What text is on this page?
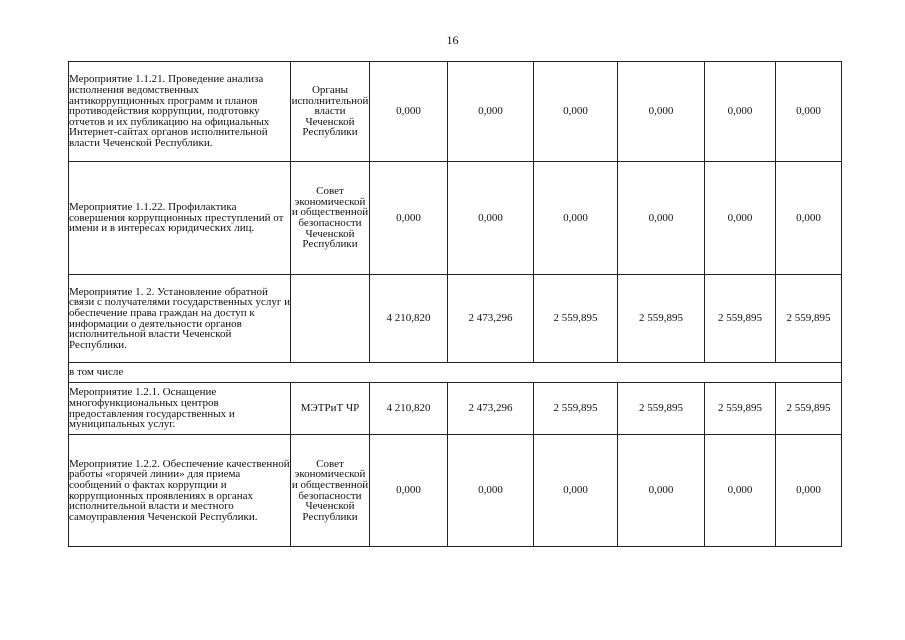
16
Мероприятие 1.1.21. Проведение анализа исполнения ведомственных антикоррупционных программ и планов противодействия коррупции, подготовку отчетов и их публикацию на официальных Интернет-сайтах органов исполнительной власти Чеченской Республики.	Органы исполнительной власти Чеченской Республики	0,000	0,000	0,000	0,000	0,000	0,000
Мероприятие 1.1.22. Профилактика совершения коррупционных преступлений от имени и в интересах юридических лиц.	Совет экономической и общественной безопасности Чеченской Республики	0,000	0,000	0,000	0,000	0,000	0,000
Мероприятие 1. 2. Установление обратной связи с получателями государственных услуг и обеспечение права граждан на доступ к информации о деятельности органов исполнительной власти Чеченской Республики.		4 210,820	2 473,296	2 559,895	2 559,895	2 559,895	2 559,895
в том числе							
Мероприятие 1.2.1. Оснащение многофункциональных центров предоставления государственных и муниципальных услуг.	МЭТРиТ ЧР	4 210,820	2 473,296	2 559,895	2 559,895	2 559,895	2 559,895
Мероприятие 1.2.2. Обеспечение качественной работы «горячей линии» для приема сообщений о фактах коррупции и коррупционных проявлениях в органах исполнительной власти и местного самоуправления Чеченской Республики.	Совет экономической и общественной безопасности Чеченской Республики	0,000	0,000	0,000	0,000	0,000	0,000
